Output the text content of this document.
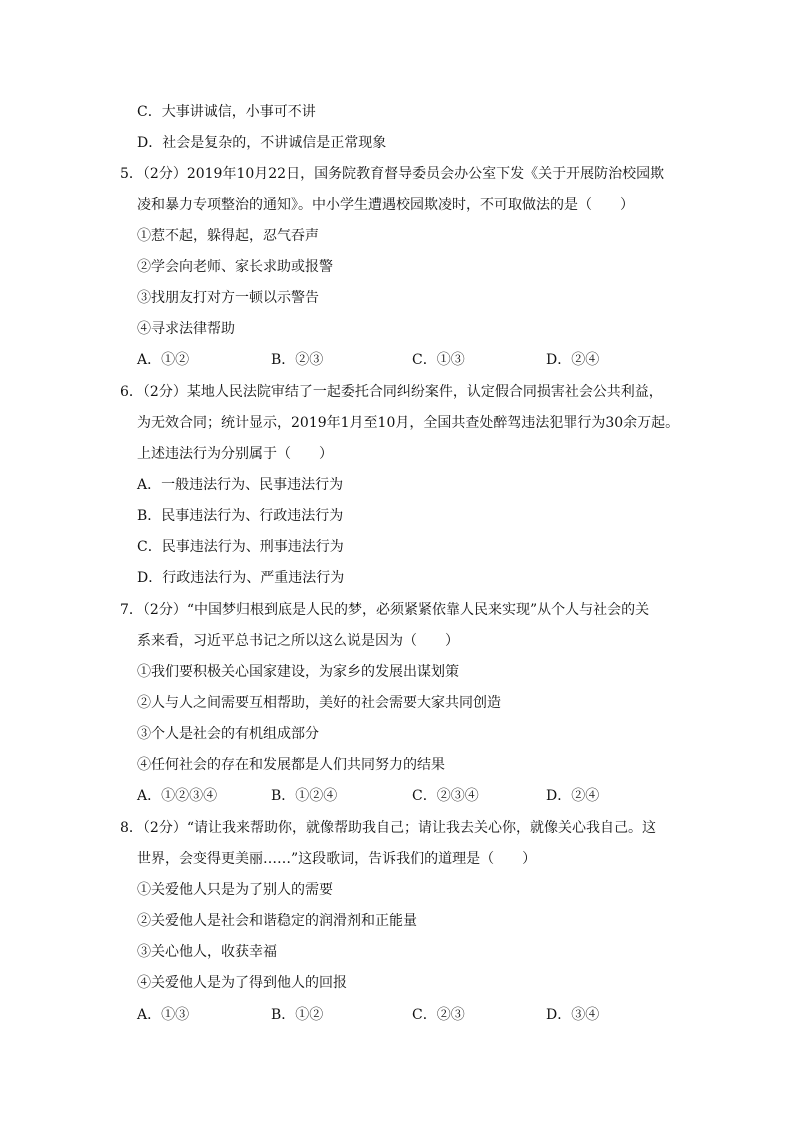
C．大事讲诚信，小事可不讲
D．社会是复杂的，不讲诚信是正常现象
5．（2分）2019年10月22日，国务院教育督导委员会办公室下发《关于开展防治校园欺
凌和暴力专项整治的通知》。中小学生遭遇校园欺凌时，不可取做法的是（　　）
①惹不起，躲得起，忍气吞声
②学会向老师、家长求助或报警
③找朋友打对方一顿以示警告
④寻求法律帮助
A．①②	B．②③	C．①③	D．②④
6．（2分）某地人民法院审结了一起委托合同纠纷案件，认定假合同损害社会公共利益，
为无效合同；统计显示，2019年1月至10月，全国共查处醉驾违法犯罪行为30余万起。
上述违法行为分别属于（　　）
A．一般违法行为、民事违法行为
B．民事违法行为、行政违法行为
C．民事违法行为、刑事违法行为
D．行政违法行为、严重违法行为
7．（2分）“中国梦归根到底是人民的梦，必须紧紧依靠人民来实现”从个人与社会的关
系来看，习近平总书记之所以这么说是因为（　　）
①我们要积极关心国家建设，为家乡的发展出谋划策
②人与人之间需要互相帮助，美好的社会需要大家共同创造
③个人是社会的有机组成部分
④任何社会的存在和发展都是人们共同努力的结果
A．①②③④	B．①②④	C．②③④	D．②④
8．（2分）“请让我来帮助你，就像帮助我自己；请让我去关心你，就像关心我自己。这
世界，会变得更美丽……”这段歌词，告诉我们的道理是（　　）
①关爱他人只是为了别人的需要
②关爱他人是社会和谐稳定的润滑剂和正能量
③关心他人，收获幸福
④关爱他人是为了得到他人的回报
A．①③	B．①②	C．②③	D．③④
